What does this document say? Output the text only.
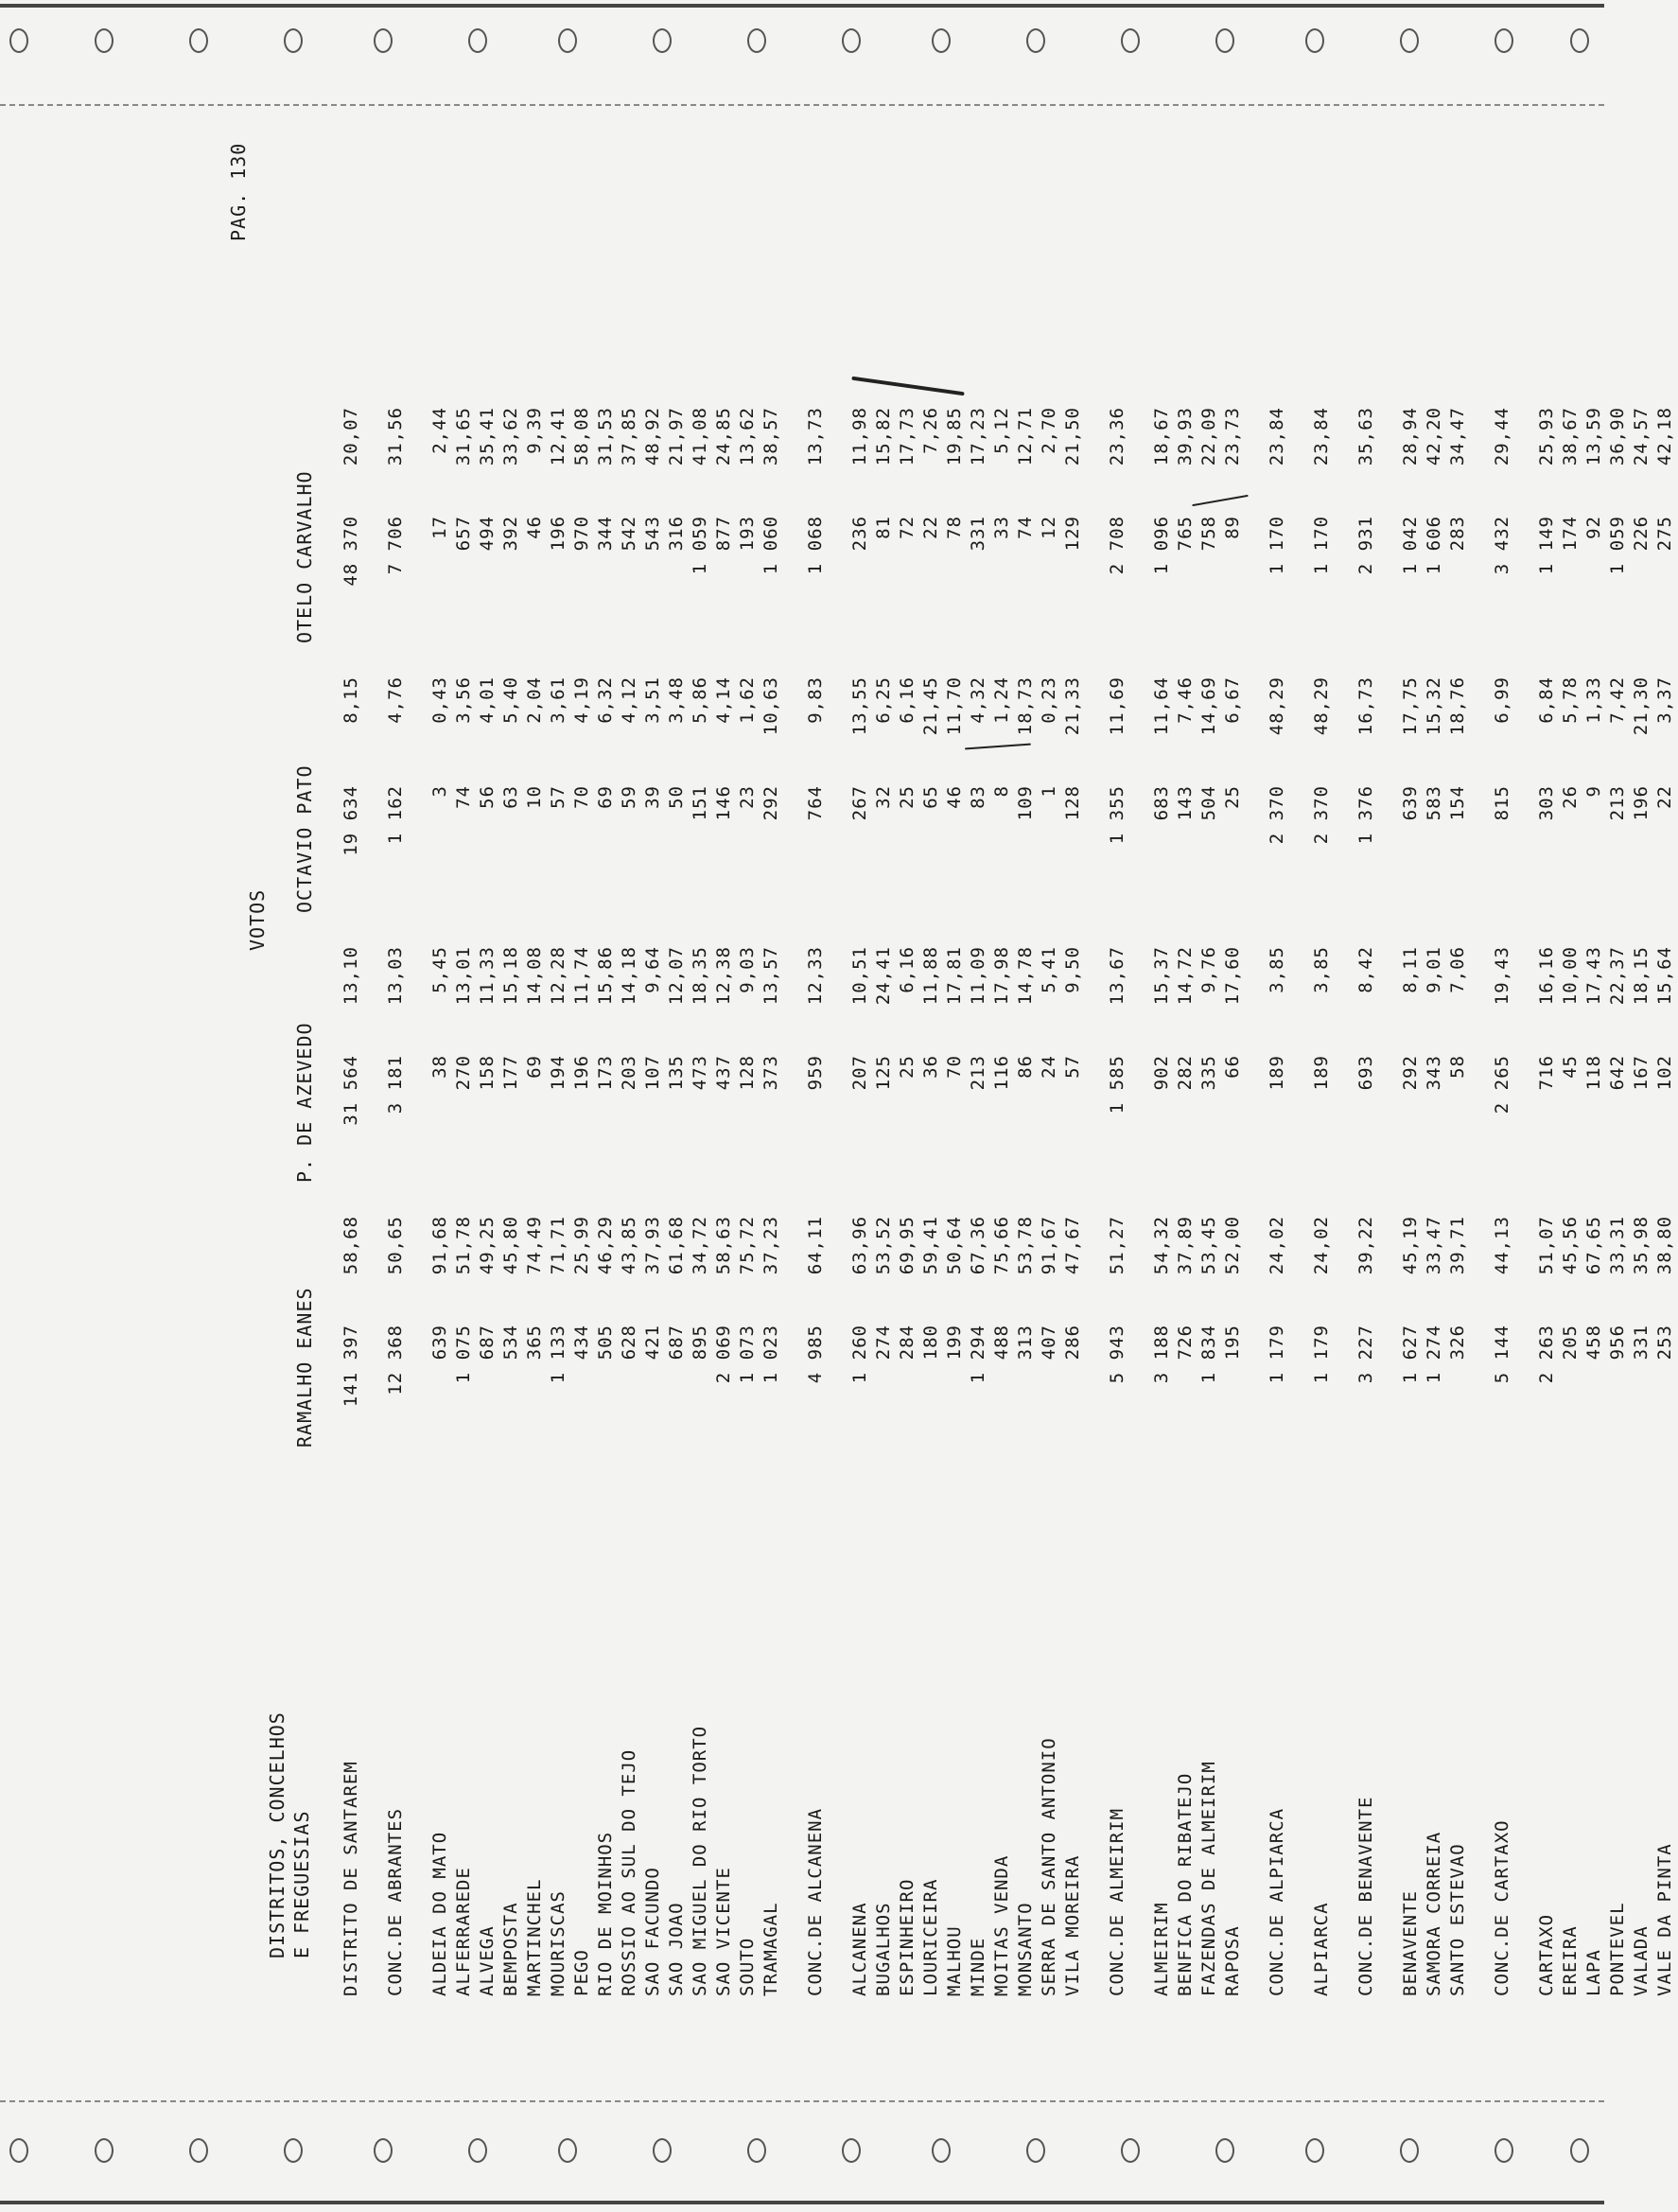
PAG. 130
DISTRITOS, CONCELHOS
E FREGUESIAS
VOTOS
RAMALHO EANES
P. DE AZEVEDO
OCTAVIO PATO
OTELO CARVALHO
DISTRITO DE SANTAREM	141 397	58,68	31 564	13,10	19 634	8,15	48 370	20,07

CONC.DE ABRANTES	12 368	50,65	3 181	13,03	1 162	4,76	7 706	31,56

ALDEIA DO MATO	639	91,68	38	5,45	3	0,43	17	2,44
ALFERRAREDE	1 075	51,78	270	13,01	74	3,56	657	31,65
ALVEGA	687	49,25	158	11,33	56	4,01	494	35,41
BEMPOSTA	534	45,80	177	15,18	63	5,40	392	33,62
MARTINCHEL	365	74,49	69	14,08	10	2,04	46	9,39
MOURISCAS	1 133	71,71	194	12,28	57	3,61	196	12,41
PEGO	434	25,99	196	11,74	70	4,19	970	58,08
RIO DE MOINHOS	505	46,29	173	15,86	69	6,32	344	31,53
ROSSIO AO SUL DO TEJO	628	43,85	203	14,18	59	4,12	542	37,85
SAO FACUNDO	421	37,93	107	9,64	39	3,51	543	48,92
SAO JOAO	687	61,68	135	12,07	50	3,48	316	21,97
SAO MIGUEL DO RIO TORTO	895	34,72	473	18,35	151	5,86	1 059	41,08
SAO VICENTE	2 069	58,63	437	12,38	146	4,14	877	24,85
SOUTO	1 073	75,72	128	9,03	23	1,62	193	13,62
TRAMAGAL	1 023	37,23	373	13,57	292	10,63	1 060	38,57

CONC.DE ALCANENA	4 985	64,11	959	12,33	764	9,83	1 068	13,73

ALCANENA	1 260	63,96	207	10,51	267	13,55	236	11,98
BUGALHOS	274	53,52	125	24,41	32	6,25	81	15,82
ESPINHEIRO	284	69,95	25	6,16	25	6,16	72	17,73
LOURICEIRA	180	59,41	36	11,88	65	21,45	22	7,26
MALHOU	199	50,64	70	17,81	46	11,70	78	19,85
MINDE	1 294	67,36	213	11,09	83	4,32	331	17,23
MOITAS VENDA	488	75,66	116	17,98	8	1,24	33	5,12
MONSANTO	313	53,78	86	14,78	109	18,73	74	12,71
SERRA DE SANTO ANTONIO	407	91,67	24	5,41	1	0,23	12	2,70
VILA MOREIRA	286	47,67	57	9,50	128	21,33	129	21,50

CONC.DE ALMEIRIM	5 943	51,27	1 585	13,67	1 355	11,69	2 708	23,36

ALMEIRIM	3 188	54,32	902	15,37	683	11,64	1 096	18,67
BENFICA DO RIBATEJO	726	37,89	282	14,72	143	7,46	765	39,93
FAZENDAS DE ALMEIRIM	1 834	53,45	335	9,76	504	14,69	758	22,09
RAPOSA	195	52,00	66	17,60	25	6,67	89	23,73

CONC.DE ALPIARCA	1 179	24,02	189	3,85	2 370	48,29	1 170	23,84

ALPIARCA	1 179	24,02	189	3,85	2 370	48,29	1 170	23,84

CONC.DE BENAVENTE	3 227	39,22	693	8,42	1 376	16,73	2 931	35,63

BENAVENTE	1 627	45,19	292	8,11	639	17,75	1 042	28,94
SAMORA CORREIA	1 274	33,47	343	9,01	583	15,32	1 606	42,20
SANTO ESTEVAO	326	39,71	58	7,06	154	18,76	283	34,47

CONC.DE CARTAXO	5 144	44,13	2 265	19,43	815	6,99	3 432	29,44

CARTAXO	2 263	51,07	716	16,16	303	6,84	1 149	25,93
EREIRA	205	45,56	45	10,00	26	5,78	174	38,67
LAPA	458	67,65	118	17,43	9	1,33	92	13,59
PONTEVEL	956	33,31	642	22,37	213	7,42	1 059	36,90
VALADA	331	35,98	167	18,15	196	21,30	226	24,57
VALE DA PINTA	253	38,80	102	15,64	22	3,37	275	42,18
